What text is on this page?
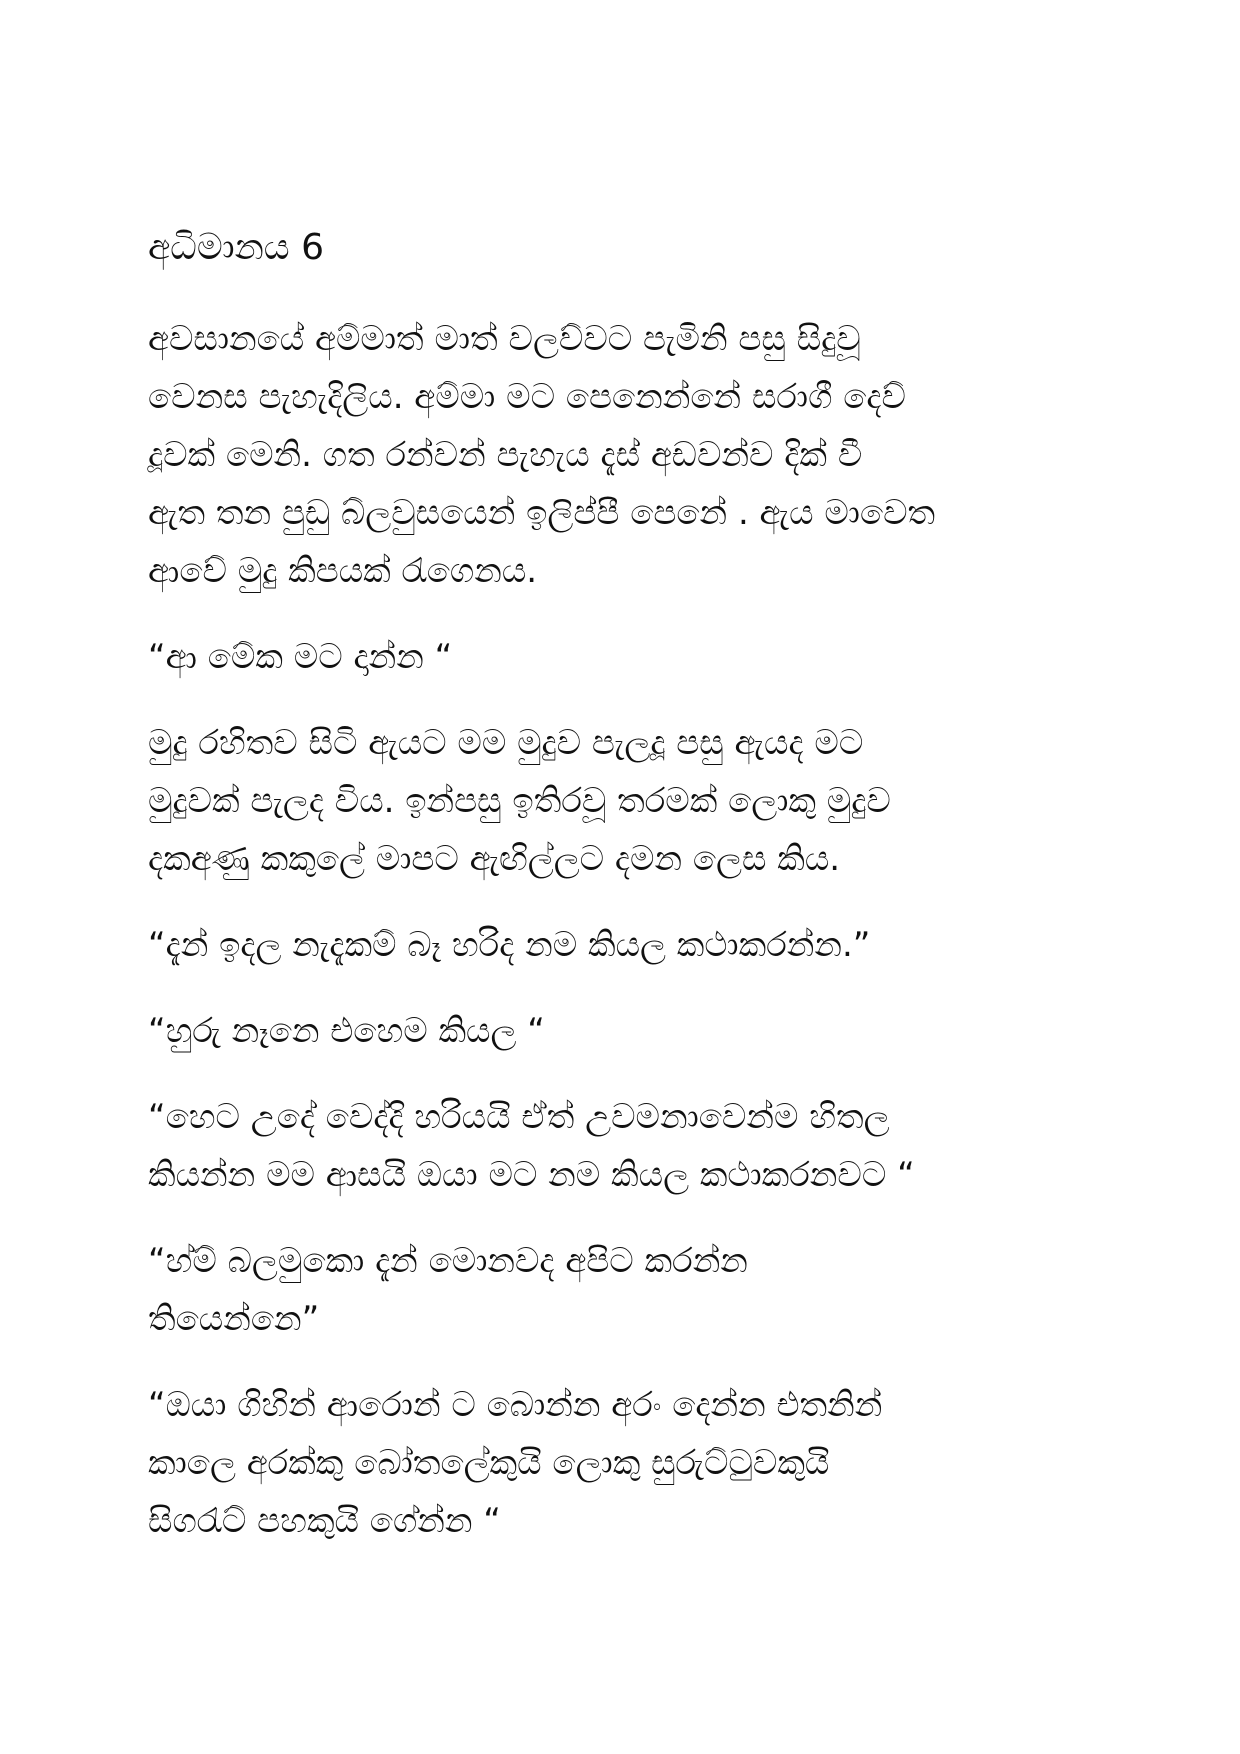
අධිමානය 6
අවසානයේ අම්මාත් මාත් වලව්වට පැමිනි පසු සිදුවූ
වෙනස පැහැදිලිය. අම්මා මට පෙනෙන්නේ සරාගී දෙව්
දූවක් මෙනි. ගත රන්වන් පැහැය දැස් අඩවන්ව දික් වී
ඇත තන පුඩු බ්ලවුසයෙන් ඉලිප්පී පෙනේ . ඇය මාවෙත
ආවේ මුදු කිපයක් රැගෙනය.
“ආ මේක මට දාන්න “
මුදු රහිතව සිටි ඇයට මම මුදුව පැලදූ පසු ඇයද මට
මුදුවක් පැලද විය. ඉන්පසු ඉතිරවූ තරමක් ලොකු මුදුව
දකඅණු කකුලේ මාපට ඇඟිල්ලට දමන ලෙස කිය.
“දැන් ඉදල නැදැකම් බෑ හරිද නම කියල කථාකරන්න.”
“හුරු නෑනෙ එහෙම කියල “
“හෙට උදේ වෙද්දි හරියයි ඒත් උවමනාවෙන්ම හිතල
කියන්න මම ආසයි ඔයා මට නම කියල කථාකරනවට “
“හ්ම් බලමුකො දැන් මොනවද අපිට කරන්න
තියෙන්නෙ”
“ඔයා ගිහින් ආරොන් ට බොන්න අරං දෙන්න එතනින්
කාලෙ අරක්කු බෝතලේකුයි ලොකු සුරුට්ටුවකුයි
සිගරැට් පහකුයි ගේන්න “
